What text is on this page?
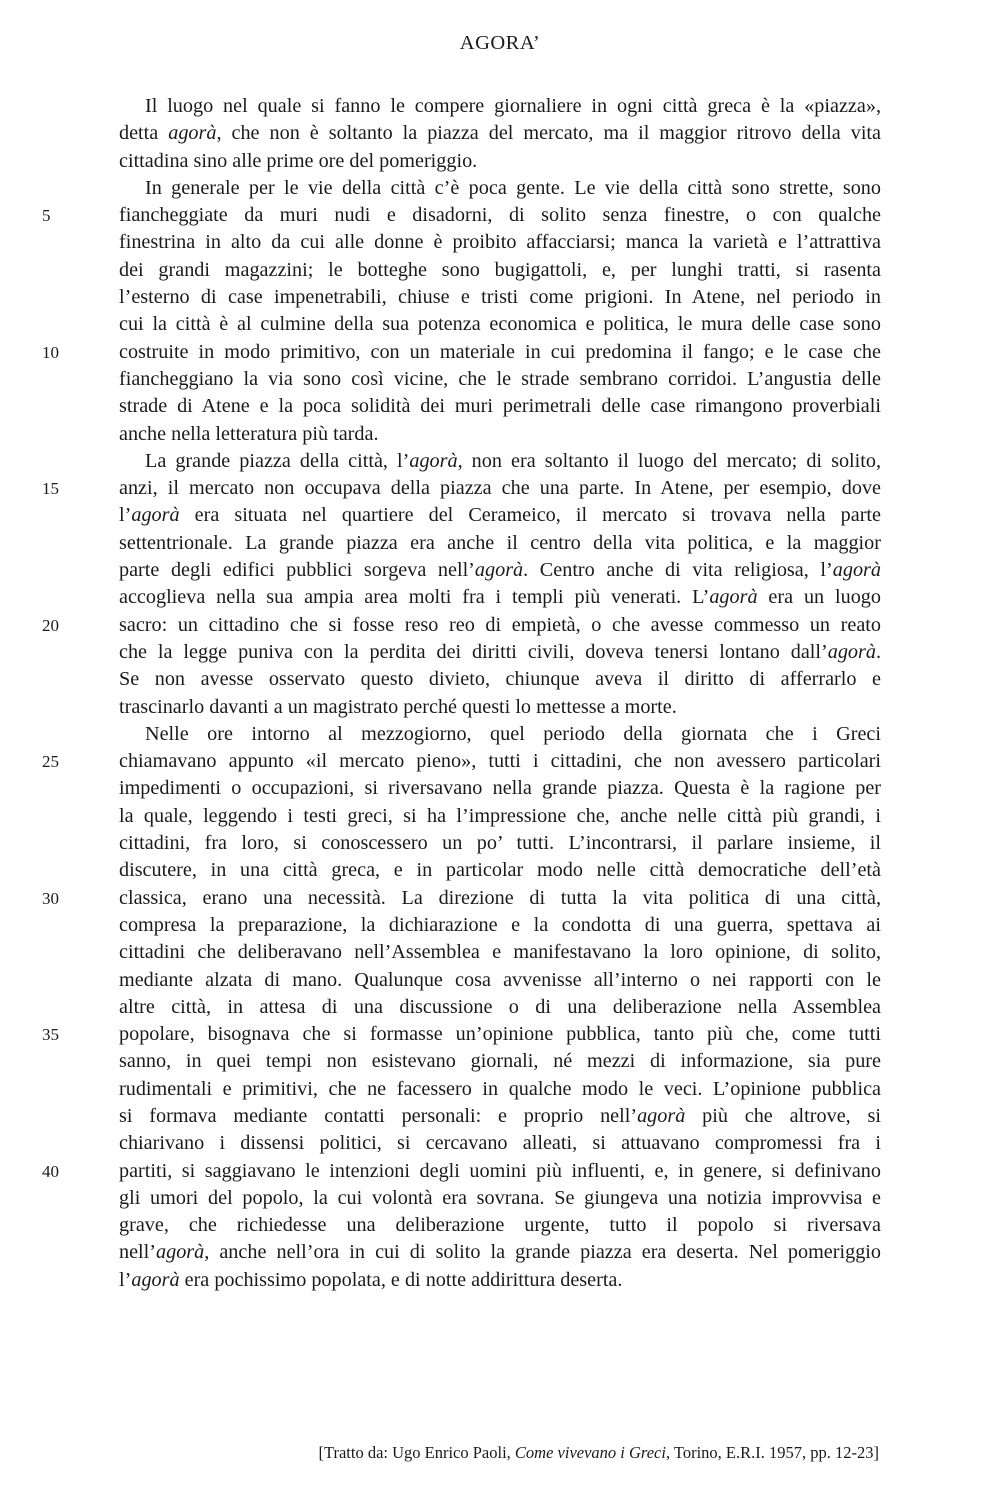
AGORA’
Il luogo nel quale si fanno le compere giornaliere in ogni città greca è la «piazza»,
detta agorà, che non è soltanto la piazza del mercato, ma il maggior ritrovo della vita
cittadina sino alle prime ore del pomeriggio.
In generale per le vie della città c’è poca gente. Le vie della città sono strette, sono
5	fiancheggiate da muri nudi e disadorni, di solito senza finestre, o con qualche
finestrina in alto da cui alle donne è proibito affacciarsi; manca la varietà e l’attrattiva
dei grandi magazzini; le botteghe sono bugigattoli, e, per lunghi tratti, si rasenta
l’esterno di case impenetrabili, chiuse e tristi come prigioni. In Atene, nel periodo in
cui la città è al culmine della sua potenza economica e politica, le mura delle case sono
10	costruite in modo primitivo, con un materiale in cui predomina il fango; e le case che
fiancheggiano la via sono così vicine, che le strade sembrano corridoi. L’angustia delle
strade di Atene e la poca solidità dei muri perimetrali delle case rimangono proverbiali
anche nella letteratura più tarda.
La grande piazza della città, l’agorà, non era soltanto il luogo del mercato; di solito,
15	anzi, il mercato non occupava della piazza che una parte. In Atene, per esempio, dove
l’agorà era situata nel quartiere del Cerameico, il mercato si trovava nella parte
settentrionale. La grande piazza era anche il centro della vita politica, e la maggior
parte degli edifici pubblici sorgeva nell’agorà. Centro anche di vita religiosa, l’agorà
accoglieva nella sua ampia area molti fra i templi più venerati. L’agorà era un luogo
20	sacro: un cittadino che si fosse reso reo di empietà, o che avesse commesso un reato
che la legge puniva con la perdita dei diritti civili, doveva tenersi lontano dall’agorà.
Se non avesse osservato questo divieto, chiunque aveva il diritto di afferrarlo e
trascinarlo davanti a un magistrato perché questi lo mettesse a morte.
Nelle ore intorno al mezzogiorno, quel periodo della giornata che i Greci
25	chiamavano appunto «il mercato pieno», tutti i cittadini, che non avessero particolari
impedimenti o occupazioni, si riversavano nella grande piazza. Questa è la ragione per
la quale, leggendo i testi greci, si ha l’impressione che, anche nelle città più grandi, i
cittadini, fra loro, si conoscessero un po’ tutti. L’incontrarsi, il parlare insieme, il
discutere, in una città greca, e in particolar modo nelle città democratiche dell’età
30	classica, erano una necessità. La direzione di tutta la vita politica di una città,
compresa la preparazione, la dichiarazione e la condotta di una guerra, spettava ai
cittadini che deliberavano nell’Assemblea e manifestavano la loro opinione, di solito,
mediante alzata di mano. Qualunque cosa avvenisse all’interno o nei rapporti con le
altre città, in attesa di una discussione o di una deliberazione nella Assemblea
35	popolare, bisognava che si formasse un’opinione pubblica, tanto più che, come tutti
sanno, in quei tempi non esistevano giornali, né mezzi di informazione, sia pure
rudimentali e primitivi, che ne facessero in qualche modo le veci. L’opinione pubblica
si formava mediante contatti personali: e proprio nell’agorà più che altrove, si
chiarivano i dissensi politici, si cercavano alleati, si attuavano compromessi fra i
40	partiti, si saggiavano le intenzioni degli uomini più influenti, e, in genere, si definivano
gli umori del popolo, la cui volontà era sovrana. Se giungeva una notizia improvvisa e
grave, che richiedesse una deliberazione urgente, tutto il popolo si riversava
nell’agorà, anche nell’ora in cui di solito la grande piazza era deserta. Nel pomeriggio
l’agorà era pochissimo popolata, e di notte addirittura deserta.
[Tratto da: Ugo Enrico Paoli, Come vivevano i Greci, Torino, E.R.I. 1957, pp. 12-23]
